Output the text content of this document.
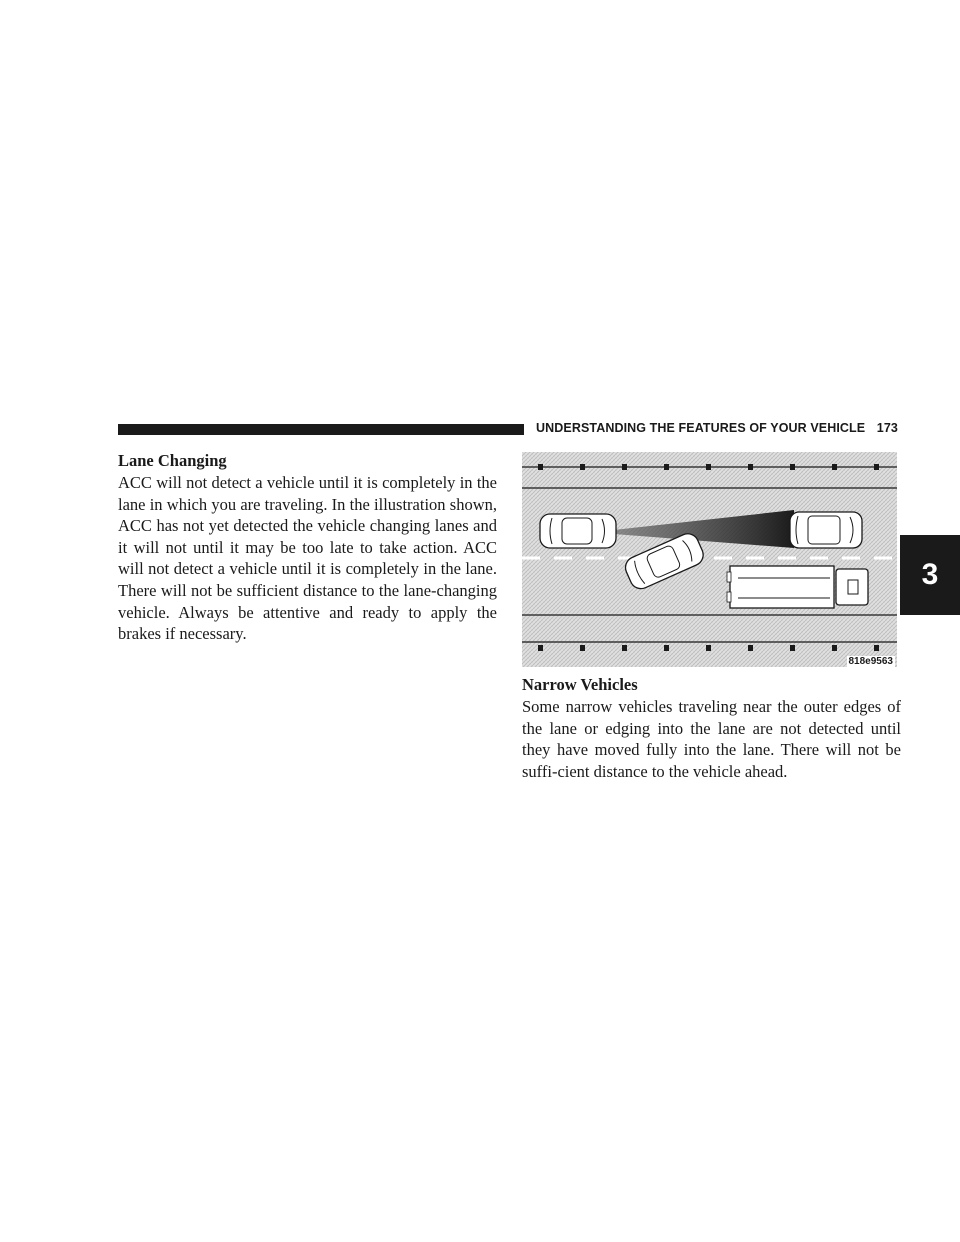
UNDERSTANDING THE FEATURES OF YOUR VEHICLE 173
3
Lane Changing

ACC will not detect a vehicle until it is completely in the lane in which you are traveling. In the illustration shown, ACC has not yet detected the vehicle changing lanes and it will not until it may be too late to take action. ACC will not detect a vehicle until it is completely in the lane. There will not be sufficient distance to the lane-changing vehicle. Always be attentive and ready to apply the brakes if necessary.

818e9563
Narrow Vehicles

Some narrow vehicles traveling near the outer edges of the lane or edging into the lane are not detected until they have moved fully into the lane. There will not be suffi-cient distance to the vehicle ahead.
